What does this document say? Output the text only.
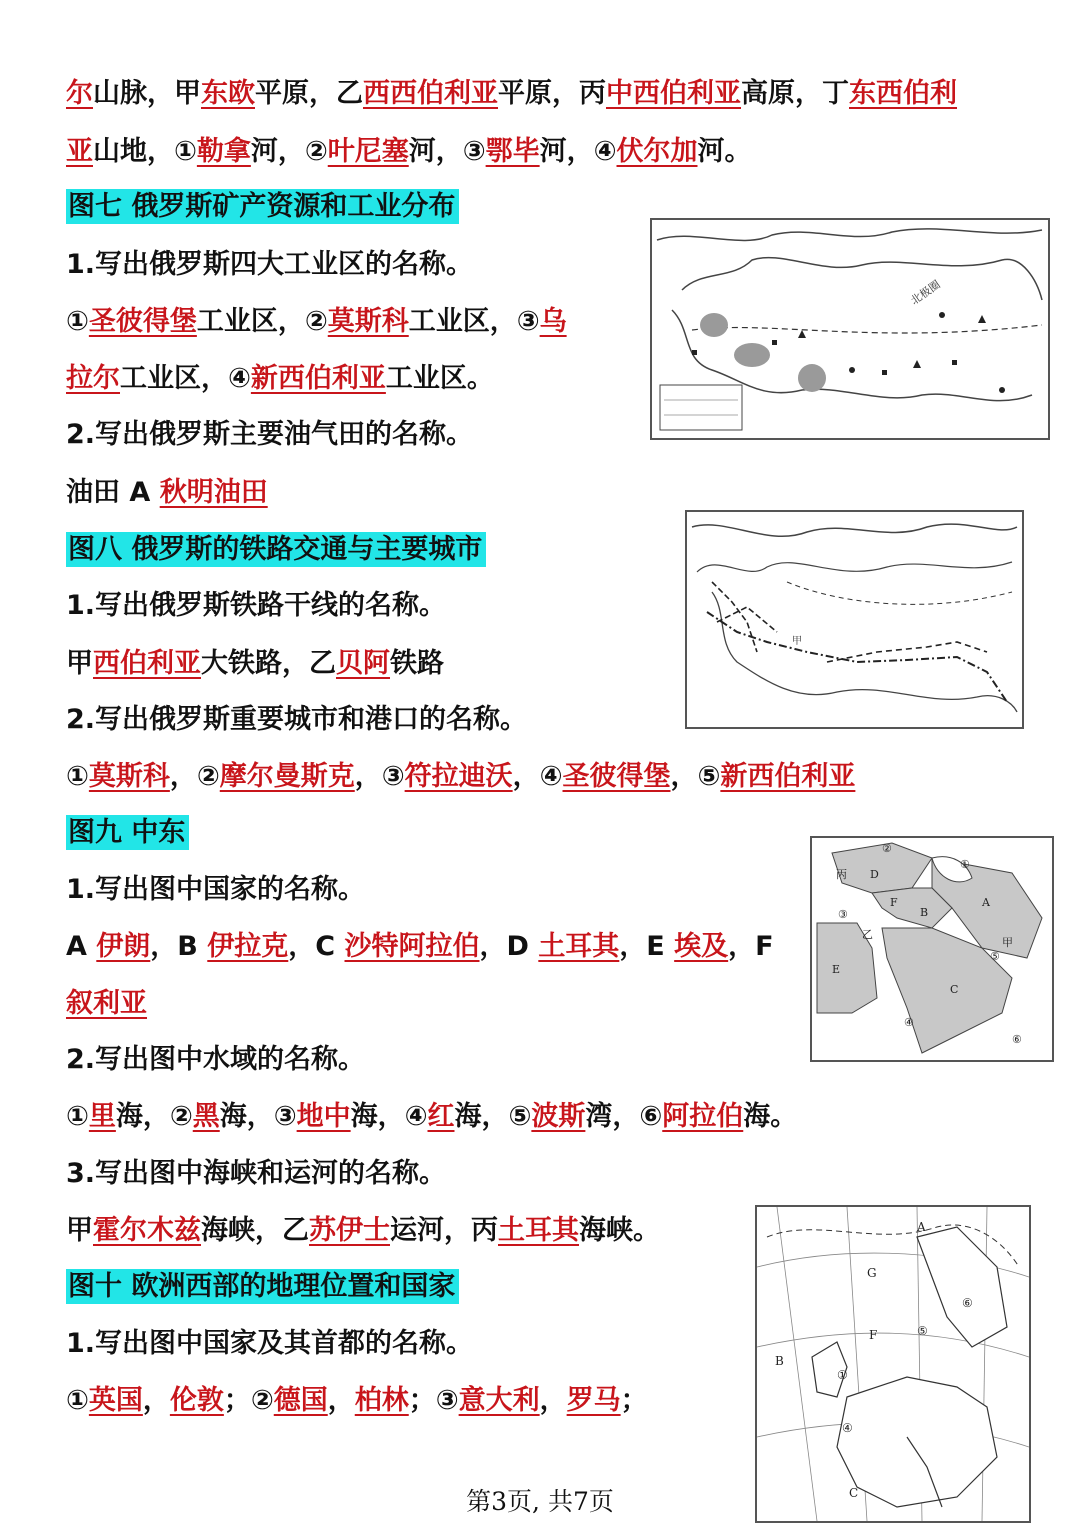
尔山脉，甲东欧平原，乙西西伯利亚平原，丙中西伯利亚高原，丁东西伯利
亚山地，①勒拿河，②叶尼塞河，③鄂毕河，④伏尔加河。
图七 俄罗斯矿产资源和工业分布
1.写出俄罗斯四大工业区的名称。
①圣彼得堡工业区，②莫斯科工业区，③乌
拉尔工业区，④新西伯利亚工业区。
2.写出俄罗斯主要油气田的名称。
油田 A 秋明油田
北极圈
图八 俄罗斯的铁路交通与主要城市
1.写出俄罗斯铁路干线的名称。
甲西伯利亚大铁路，乙贝阿铁路
2.写出俄罗斯重要城市和港口的名称。
①莫斯科，②摩尔曼斯克，③符拉迪沃，④圣彼得堡，⑤新西伯利亚
甲
图九 中东
1.写出图中国家的名称。
A 伊朗，B 伊拉克，C 沙特阿拉伯，D 土耳其，E 埃及，F
叙利亚
2.写出图中水域的名称。
①里海，②黑海，③地中海，④红海，⑤波斯湾，⑥阿拉伯海。
3.写出图中海峡和运河的名称。
甲霍尔木兹海峡，乙苏伊士运河，丙土耳其海峡。
A
B
C
D
E
F
丙
乙
甲
①
②
③
④
⑤
⑥
图十 欧洲西部的地理位置和国家
1.写出图中国家及其首都的名称。
①英国，伦敦；②德国，柏林；③意大利，罗马；
A
B
C
G
F
①
④
⑤
⑥
第3页, 共7页
